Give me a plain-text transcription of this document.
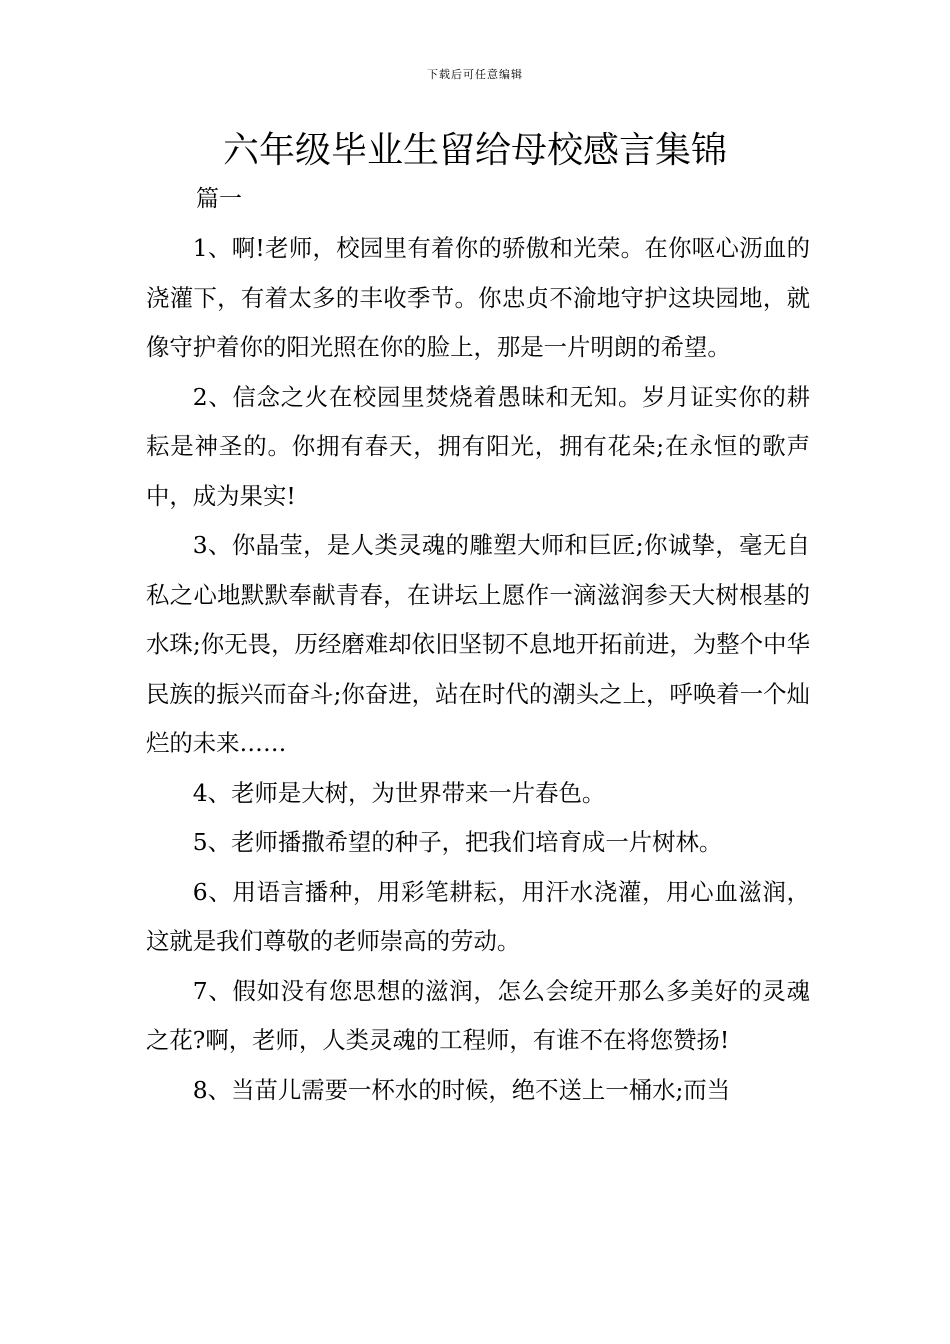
下载后可任意编辑
六年级毕业生留给母校感言集锦
篇一

1、啊!老师，校园里有着你的骄傲和光荣。在你呕心沥血的浇灌下，有着太多的丰收季节。你忠贞不渝地守护这块园地，就像守护着你的阳光照在你的脸上，那是一片明朗的希望。

2、信念之火在校园里焚烧着愚昧和无知。岁月证实你的耕耘是神圣的。你拥有春天，拥有阳光，拥有花朵;在永恒的歌声中，成为果实!

3、你晶莹，是人类灵魂的雕塑大师和巨匠;你诚挚，毫无自私之心地默默奉献青春，在讲坛上愿作一滴滋润参天大树根基的水珠;你无畏，历经磨难却依旧坚韧不息地开拓前进，为整个中华民族的振兴而奋斗;你奋进，站在时代的潮头之上，呼唤着一个灿烂的未来……

4、老师是大树，为世界带来一片春色。

5、老师播撒希望的种子，把我们培育成一片树林。

6、用语言播种，用彩笔耕耘，用汗水浇灌，用心血滋润，这就是我们尊敬的老师崇高的劳动。

7、假如没有您思想的滋润，怎么会绽开那么多美好的灵魂之花?啊，老师，人类灵魂的工程师，有谁不在将您赞扬!

8、当苗儿需要一杯水的时候，绝不送上一桶水;而当
